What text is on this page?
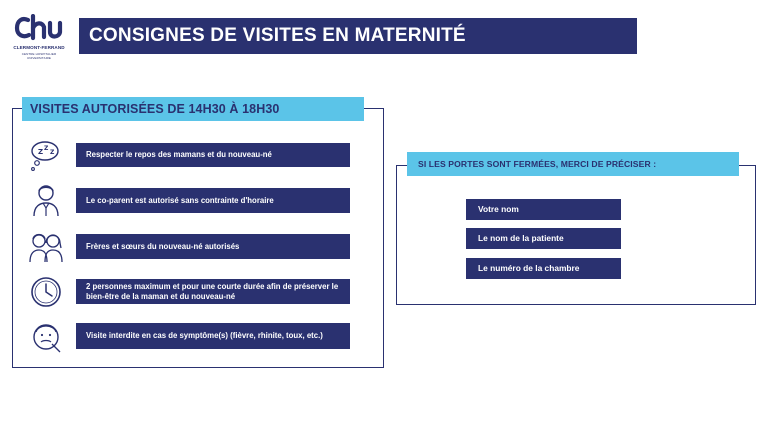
CLERMONT-FERRAND
CENTRE HOSPITALIER UNIVERSITAIRE
CONSIGNES DE VISITES EN MATERNITÉ
VISITES AUTORISÉES DE 14H30 À 18H30
Z Z
Z	Respecter le repos des mamans et du nouveau-né
Le co-parent est autorisé sans contrainte d'horaire
Frères et sœurs du nouveau-né autorisés
2 personnes maximum et pour une courte durée afin de préserver le bien-être de la maman et du nouveau-né
Visite interdite en cas de symptôme(s) (fièvre, rhinite, toux, etc.)
SI LES PORTES SONT FERMÉES, MERCI DE PRÉCISER :
Votre nom
Le nom de la patiente
Le numéro de la chambre
